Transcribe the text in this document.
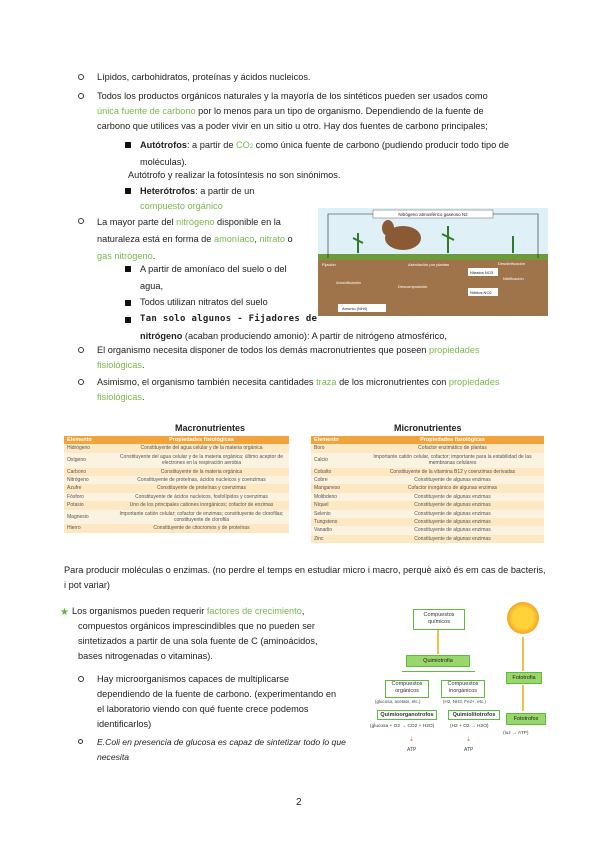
Lípidos, carbohidratos, proteínas y ácidos nucleicos.
Todos los productos orgánicos naturales y la mayoría de los sintéticos pueden ser usados como
única fuente de carbono por lo menos para un tipo de organismo. Dependiendo de la fuente de
carbono que utilices vas a poder vivir en un sitio u otro. Hay dos fuentes de carbono principales;
Autótrofos: a partir de CO2 como única fuente de carbono (pudiendo producir todo tipo de
moléculas).
Autótrofo y realizar la fotosíntesis no son sinónimos.
Heterótrofos: a partir de un
compuesto orgánico
La mayor parte del nitrógeno disponible en la
naturaleza está en forma de amoníaco, nitrato o
gas nitrógeno.
A partir de amoníaco del suelo o del
agua,
Todos utilizan nitratos del suelo
Tan solo algunos - Fijadores de
nitrógeno (acaban produciendo amonio): A partir de nitrógeno atmosférico,
Nitrógeno atmosférico gaseoso N2
Fijación	Desnitrificación
Asimilación por plantas
Amonificación
Descomposición
Nitratos NO3
Nitrificación
Nitritos NO2
Amonio (NH4)
El organismo necesita disponer de todos los demás macronutrientes que poseen propiedades
fisiológicas.
Asimismo, el organismo también necesita cantidades traza de los micronutrientes con propiedades
fisiológicas.
Macronutrientes
Elemento	Propiedades fisiológicas
Hidrógeno	Constituyente del agua celular y de la materia orgánica
Oxígeno	Constituyente del agua celular y de la materia orgánica; último aceptor de electrones en la respiración aerobia
Carbono	Constituyente de la materia orgánica
Nitrógeno	Constituyente de proteínas, ácidos nucleicos y coenzimas
Azufre	Constituyente de proteínas y coenzimas
Fósforo	Constituyente de ácidos nucleicos, fosfolípidos y coenzimas
Potasio	Uno de los principales cationes inorgánicos; cofactor de enzimas
Magnesio	Importante catión celular; cofactor de enzimas; constituyente de clorofilas; constituyente de clorofila
Hierro	Constituyente de citocromos y de proteínas
Micronutrientes
Elemento	Propiedades fisiológicas
Boro	Cofactor enzimático de plantas
Calcio	Importante catión celular, cofactor; importante para la estabilidad de las membranas celulares
Cobalto	Constituyente de la vitamina B12 y coenzimas derivadas
Cobre	Constituyente de algunas enzimas
Manganeso	Cofactor inorgánico de algunas enzimas
Molibdeno	Constituyente de algunas enzimas
Níquel	Constituyente de algunas enzimas
Selenio	Constituyente de algunas enzimas
Tungsteno	Constituyente de algunas enzimas
Vanadio	Constituyente de algunas enzimas
Zinc	Constituyente de algunas enzimas
Para producir moléculas o enzimas. (no perdre el temps en estudiar micro i macro, perquè això és em cas de bacteris, i pot variar)
★ Los organismos pueden requerir factores de crecimiento,
compuestos orgánicos imprescindibles que no pueden ser
sintetizados a partir de una sola fuente de C (aminoácidos,
bases nitrogenadas o vitaminas).
Hay microorganismos capaces de multiplicarse
dependiendo de la fuente de carbono. (experimentando en
el laboratorio viendo con qué fuente crece podemos
identificarlos)
E.Coli en presencia de glucosa es capaz de sintetizar todo lo que
necesita
Compuestos químicos
Quimiotrofia
Compuestos orgánicos
(glucosa, acetato, etc.)
Compuestos inorgánicos
(H2, NH3, Fe2+, etc.)
Quimioorganotrofos	Quimiolitotrofos
(glucosa + O2 → CO2 + H2O)	(H2 + O2 → H2O)
⇣	⇣
ATP	ATP
Fototrofia
Fototrofos
(luz → ATP)
2
